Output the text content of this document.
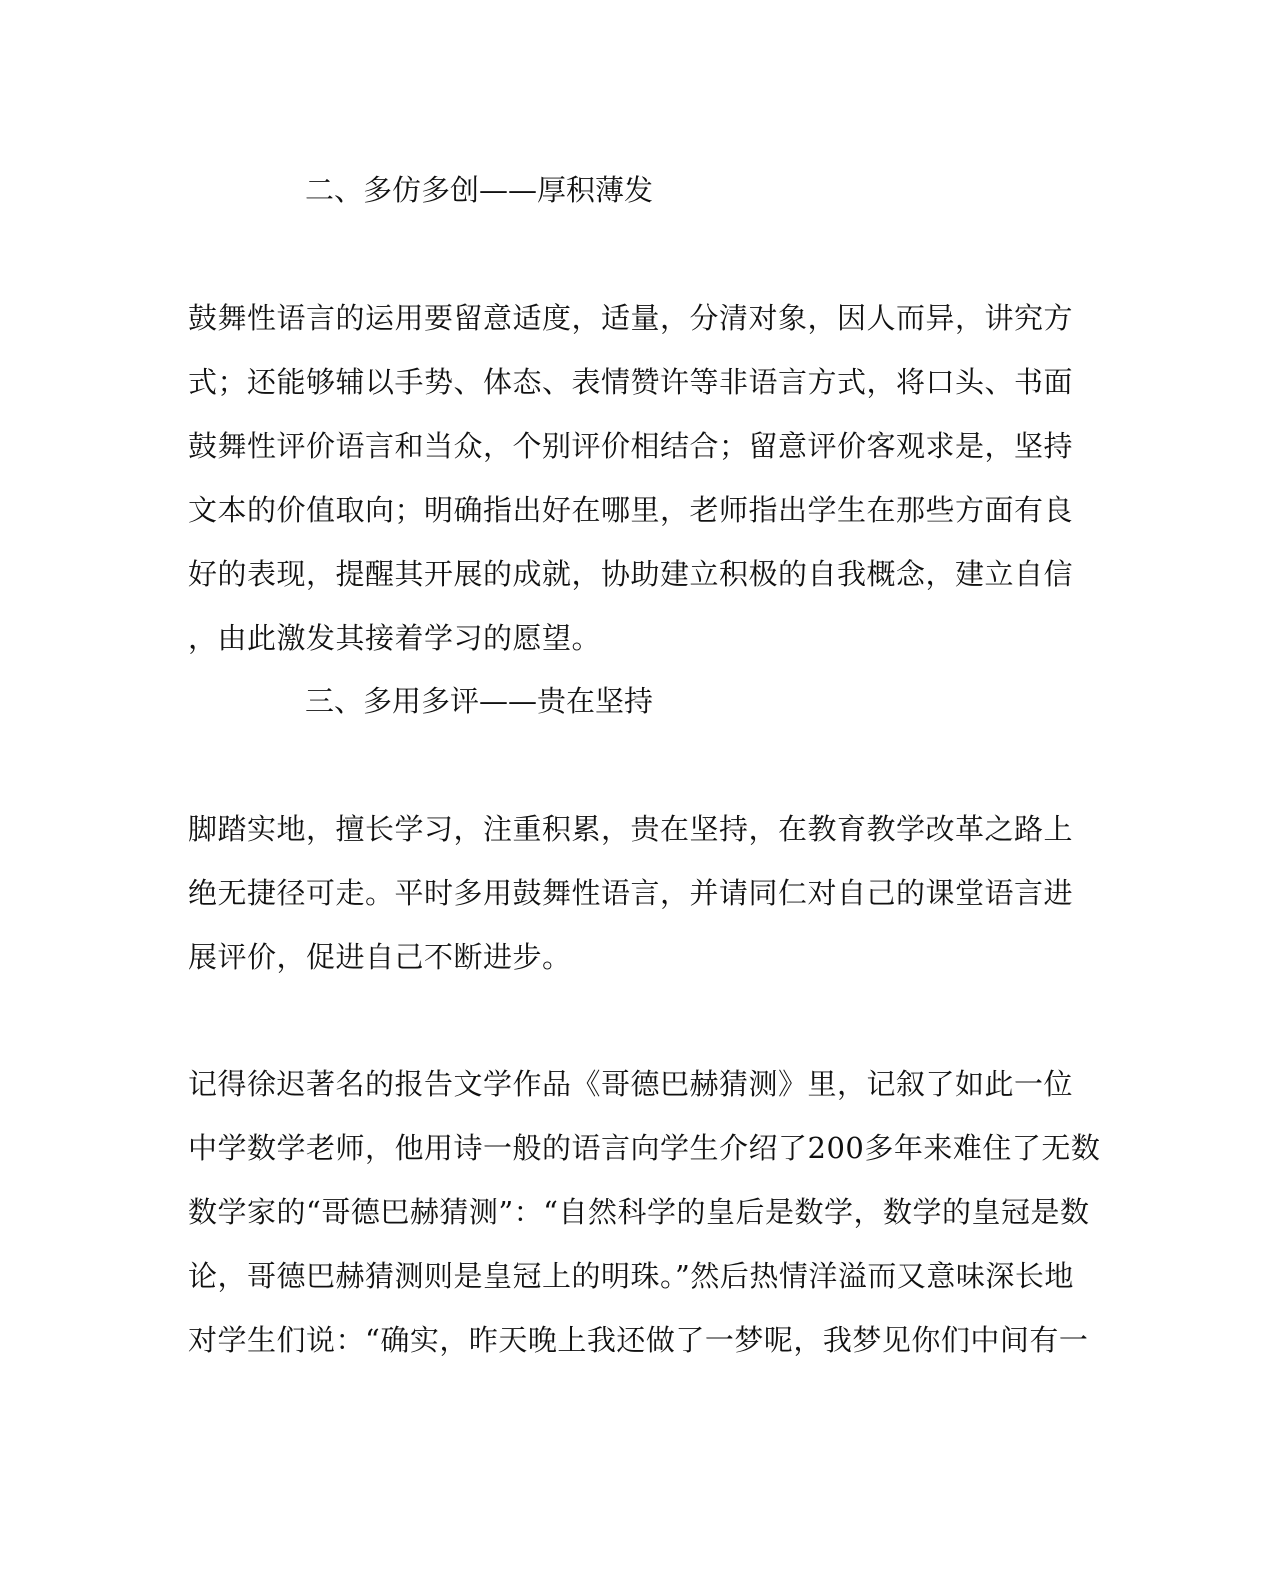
二、多仿多创——厚积薄发
鼓舞性语言的运用要留意适度，适量，分清对象，因人而异，讲究方
式；还能够辅以手势、体态、表情赞许等非语言方式，将口头、书面
鼓舞性评价语言和当众，个别评价相结合；留意评价客观求是，坚持
文本的价值取向；明确指出好在哪里，老师指出学生在那些方面有良
好的表现，提醒其开展的成就，协助建立积极的自我概念，建立自信
，由此激发其接着学习的愿望。
三、多用多评——贵在坚持
脚踏实地，擅长学习，注重积累，贵在坚持，在教育教学改革之路上
绝无捷径可走。平时多用鼓舞性语言，并请同仁对自己的课堂语言进
展评价，促进自己不断进步。
记得徐迟著名的报告文学作品《哥德巴赫猜测》里，记叙了如此一位
中学数学老师，他用诗一般的语言向学生介绍了200多年来难住了无数
数学家的“哥德巴赫猜测”：“自然科学的皇后是数学，数学的皇冠是数
论，哥德巴赫猜测则是皇冠上的明珠。”然后热情洋溢而又意味深长地
对学生们说：“确实，昨天晚上我还做了一梦呢，我梦见你们中间有一
